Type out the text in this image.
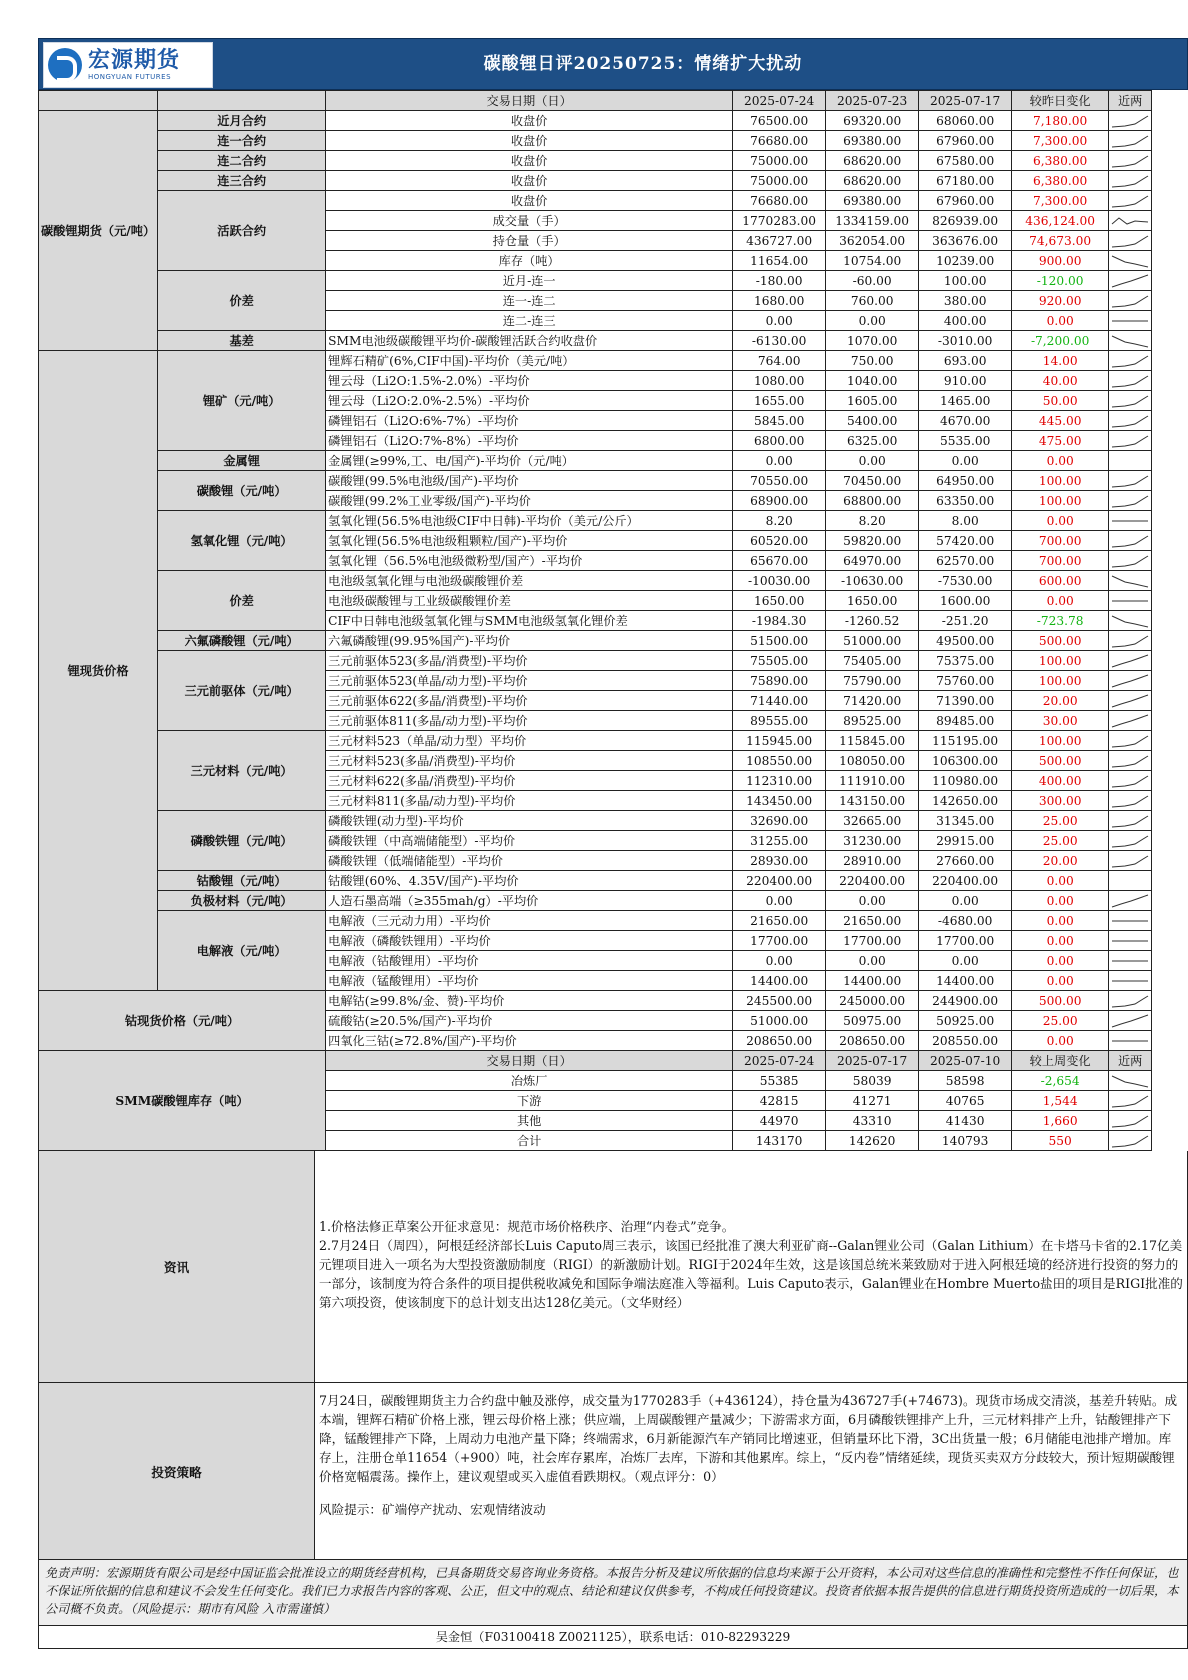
宏源期货
HONGYUAN FUTURES
碳酸锂日评20250725：情绪扩大扰动
		交易日期（日）	2025-07-24	2025-07-23	2025-07-17	较昨日变化	近两
碳酸锂期货（元/吨）	近月合约	收盘价	76500.00	69320.00	68060.00	7,180.00	

	连一合约	收盘价	76680.00	69380.00	67960.00	7,300.00	

	连二合约	收盘价	75000.00	68620.00	67580.00	6,380.00	

	连三合约	收盘价	75000.00	68620.00	67180.00	6,380.00	

	活跃合约	收盘价	76680.00	69380.00	67960.00	7,300.00	

		成交量（手）	1770283.00	1334159.00	826939.00	436,124.00	

		持仓量（手）	436727.00	362054.00	363676.00	74,673.00	

		库存（吨）	11654.00	10754.00	10239.00	900.00	

	价差	近月-连一	-180.00	-60.00	100.00	-120.00	

		连一-连二	1680.00	760.00	380.00	920.00	

		连二-连三	0.00	0.00	400.00	0.00	

	基差	SMM电池级碳酸锂平均价-碳酸锂活跃合约收盘价	-6130.00	1070.00	-3010.00	-7,200.00	

锂现货价格	锂矿（元/吨）	锂辉石精矿(6%,CIF中国)-平均价（美元/吨）	764.00	750.00	693.00	14.00	

		锂云母（Li2O:1.5%-2.0%）-平均价	1080.00	1040.00	910.00	40.00	

		锂云母（Li2O:2.0%-2.5%）-平均价	1655.00	1605.00	1465.00	50.00	

		磷锂铝石（Li2O:6%-7%）-平均价	5845.00	5400.00	4670.00	445.00	

		磷锂铝石（Li2O:7%-8%）-平均价	6800.00	6325.00	5535.00	475.00	

	金属锂	金属锂(≥99%,工、电/国产)-平均价（元/吨）	0.00	0.00	0.00	0.00	

	碳酸锂（元/吨）	碳酸锂(99.5%电池级/国产)-平均价	70550.00	70450.00	64950.00	100.00	

		碳酸锂(99.2%工业零级/国产)-平均价	68900.00	68800.00	63350.00	100.00	

	氢氧化锂（元/吨）	氢氧化锂(56.5%电池级CIF中日韩)-平均价（美元/公斤）	8.20	8.20	8.00	0.00	

		氢氧化锂(56.5%电池级粗颗粒/国产)-平均价	60520.00	59820.00	57420.00	700.00	

		氢氧化锂（56.5%电池级微粉型/国产）-平均价	65670.00	64970.00	62570.00	700.00	

	价差	电池级氢氧化锂与电池级碳酸锂价差	-10030.00	-10630.00	-7530.00	600.00	

		电池级碳酸锂与工业级碳酸锂价差	1650.00	1650.00	1600.00	0.00	

		CIF中日韩电池级氢氧化锂与SMM电池级氢氧化锂价差	-1984.30	-1260.52	-251.20	-723.78	

	六氟磷酸锂（元/吨）	六氟磷酸锂(99.95%国产)-平均价	51500.00	51000.00	49500.00	500.00	

	三元前驱体（元/吨）	三元前驱体523(多晶/消费型)-平均价	75505.00	75405.00	75375.00	100.00	

		三元前驱体523(单晶/动力型)-平均价	75890.00	75790.00	75760.00	100.00	

		三元前驱体622(多晶/消费型)-平均价	71440.00	71420.00	71390.00	20.00	

		三元前驱体811(多晶/动力型)-平均价	89555.00	89525.00	89485.00	30.00	

	三元材料（元/吨）	三元材料523（单晶/动力型）平均价	115945.00	115845.00	115195.00	100.00	

		三元材料523(多晶/消费型)-平均价	108550.00	108050.00	106300.00	500.00	

		三元材料622(多晶/消费型)-平均价	112310.00	111910.00	110980.00	400.00	

		三元材料811(多晶/动力型)-平均价	143450.00	143150.00	142650.00	300.00	

	磷酸铁锂（元/吨）	磷酸铁锂(动力型)-平均价	32690.00	32665.00	31345.00	25.00	

		磷酸铁锂（中高端储能型）-平均价	31255.00	31230.00	29915.00	25.00	

		磷酸铁锂（低端储能型）-平均价	28930.00	28910.00	27660.00	20.00	

	钴酸锂（元/吨）	钴酸锂(60%、4.35V/国产)-平均价	220400.00	220400.00	220400.00	0.00	

	负极材料（元/吨）	人造石墨高端（≥355mah/g）-平均价	0.00	0.00	0.00	0.00	

	电解液（元/吨）	电解液（三元动力用）-平均价	21650.00	21650.00	-4680.00	0.00	

		电解液（磷酸铁锂用）-平均价	17700.00	17700.00	17700.00	0.00	

		电解液（钴酸锂用）-平均价	0.00	0.00	0.00	0.00	

		电解液（锰酸锂用）-平均价	14400.00	14400.00	14400.00	0.00	

钴现货价格（元/吨）		电解钴(≥99.8%/金、赞)-平均价	245500.00	245000.00	244900.00	500.00	

		硫酸钴(≥20.5%/国产)-平均价	51000.00	50975.00	50925.00	25.00	

		四氧化三钴(≥72.8%/国产)-平均价	208650.00	208650.00	208550.00	0.00	

SMM碳酸锂库存（吨）		交易日期（日）	2025-07-24	2025-07-17	2025-07-10	较上周变化	近两
		冶炼厂	55385	58039	58598	-2,654	

		下游	42815	41271	40765	1,544	

		其他	44970	43310	41430	1,660	

		合计	143170	142620	140793	550	
资讯

1.价格法修正草案公开征求意见：规范市场价格秩序、治理“内卷式”竞争。

2.7月24日（周四），阿根廷经济部长Luis Caputo周三表示，该国已经批准了澳大利亚矿商--Galan锂业公司（Galan Lithium）在卡塔马卡省的2.17亿美元锂项目进入一项名为大型投资激励制度（RIGI）的新激励计划。RIGI于2024年生效，这是该国总统米莱致励对于进入阿根廷境的经济进行投资的努力的一部分，该制度为符合条件的项目提供税收减免和国际争端法庭准入等福利。Luis Caputo表示，Galan锂业在Hombre Muerto盐田的项目是RIGI批准的第六项投资，使该制度下的总计划支出达128亿美元。（文华财经）

投资策略

7月24日，碳酸锂期货主力合约盘中触及涨停，成交量为1770283手（+436124），持仓量为436727手(+74673)。现货市场成交清淡，基差升转贴。成本端，锂辉石精矿价格上涨，锂云母价格上涨；供应端，上周碳酸锂产量减少；下游需求方面，6月磷酸铁锂排产上升，三元材料排产上升，钴酸锂排产下降，锰酸锂排产下降，上周动力电池产量下降；终端需求，6月新能源汽车产销同比增速亚，但销量环比下滑，3C出货量一般；6月储能电池排产增加。库存上，注册仓单11654（+900）吨，社会库存累库，冶炼厂去库，下游和其他累库。综上，“反内卷”情绪延续，现货买卖双方分歧较大，预计短期碳酸锂价格宽幅震荡。操作上，建议观望或买入虚值看跌期权。（观点评分：0）

风险提示：矿端停产扰动、宏观情绪波动

免责声明：宏源期货有限公司是经中国证监会批准设立的期货经营机构，已具备期货交易咨询业务资格。本报告分析及建议所依据的信息均来源于公开资料，本公司对这些信息的准确性和完整性不作任何保证，也不保证所依据的信息和建议不会发生任何变化。我们已力求报告内容的客观、公正，但文中的观点、结论和建议仅供参考，不构成任何投资建议。投资者依据本报告提供的信息进行期货投资所造成的一切后果，本公司概不负责。（风险提示：期市有风险 入市需谨慎）
吴金恒（F03100418 Z0021125），联系电话：010-82293229
